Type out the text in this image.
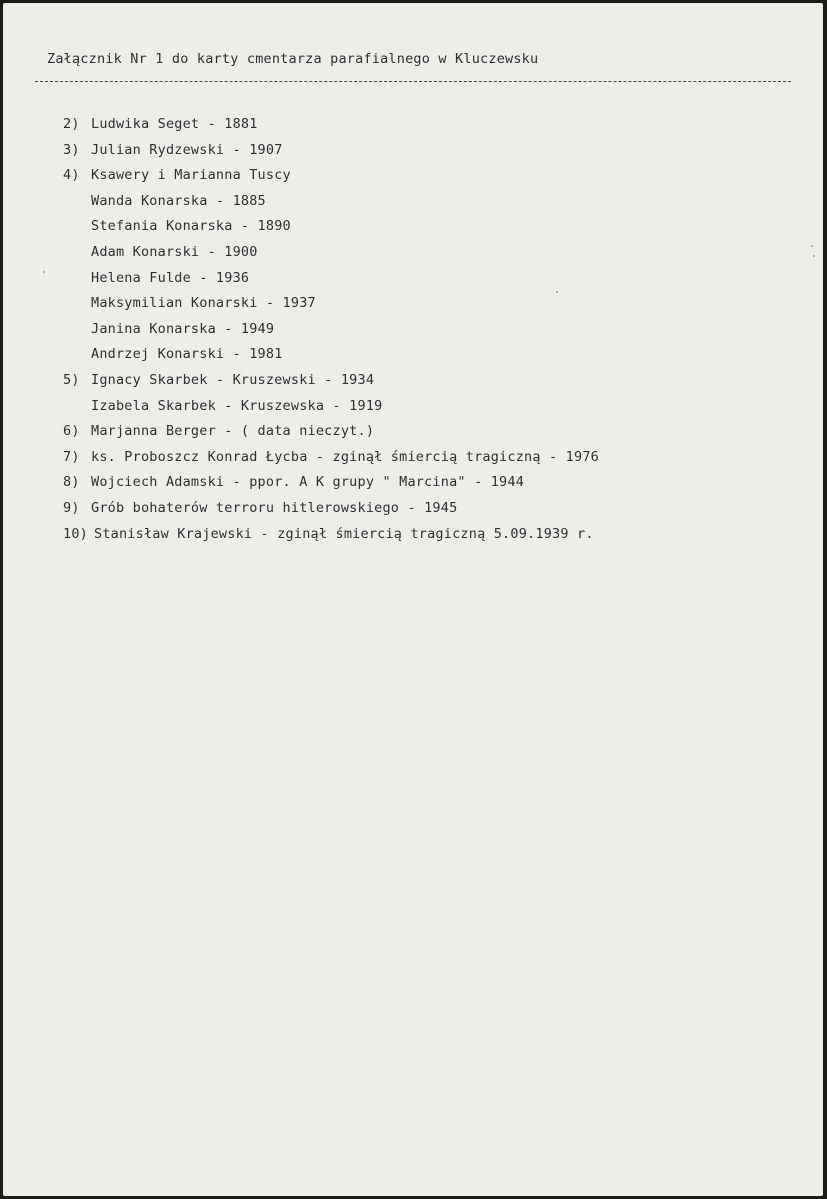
Załącznik Nr 1 do karty cmentarza parafialnego w Kluczewsku
2) Ludwika Seget - 1881
3) Julian Rydzewski - 1907
4) Ksawery i Marianna Tuscy
Wanda Konarska - 1885
Stefania Konarska - 1890
Adam Konarski - 1900
Helena Fulde - 1936
Maksymilian Konarski - 1937
Janina Konarska - 1949
Andrzej Konarski - 1981
5) Ignacy Skarbek - Kruszewski - 1934
Izabela Skarbek - Kruszewska - 1919
6) Marjanna Berger - ( data nieczyt.)
7) ks. Proboszcz Konrad Łycba - zginął śmiercią tragiczną - 1976
8) Wojciech Adamski - ppor. A K grupy " Marcina" - 1944
9) Grób bohaterów terroru hitlerowskiego - 1945
10) Stanisław Krajewski - zginął śmiercią tragiczną 5.09.1939 r.
